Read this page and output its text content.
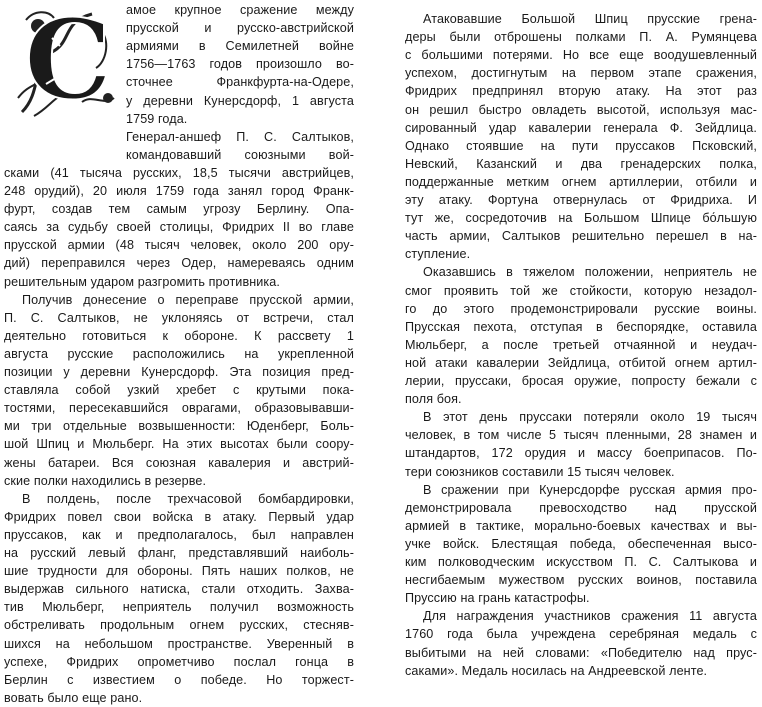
С амое крупное сражение между
прусской и русско-австрийской
армиями в Семилетней войне
1756—1763 годов произошло во-
сточнее Франкфурта-на-Одере,
у деревни Кунерсдорф, 1 августа
1759 года.
Генерал-аншеф П. С. Салтыков,
командовавший союзными вой-
сками (41 тысяча русских, 18,5 тысячи австрийцев,
248 орудий), 20 июля 1759 года занял город Франк-
фурт, создав тем самым угрозу Берлину. Опа-
саясь за судьбу своей столицы, Фридрих II во главе
прусской армии (48 тысяч человек, около 200 ору-
дий) переправился через Одер, намереваясь одним
решительным ударом разгромить противника.
Получив донесение о переправе прусской армии,
П. С. Салтыков, не уклоняясь от встречи, стал
деятельно готовиться к обороне. К рассвету 1
августа русские расположились на укрепленной
позиции у деревни Кунерсдорф. Эта позиция пред-
ставляла собой узкий хребет с крутыми пока-
тостями, пересекавшийся оврагами, образовывавши-
ми три отдельные возвышенности: Юденберг, Боль-
шой Шпиц и Мюльберг. На этих высотах были соору-
жены батареи. Вся союзная кавалерия и австрий-
ские полки находились в резерве.
В полдень, после трехчасовой бомбардировки,
Фридрих повел свои войска в атаку. Первый удар
пруссаков, как и предполагалось, был направлен
на русский левый фланг, представлявший наиболь-
шие трудности для обороны. Пять наших полков, не
выдержав сильного натиска, стали отходить. Захва-
тив Мюльберг, неприятель получил возможность
обстреливать продольным огнем русских, стесняв-
шихся на небольшом пространстве. Уверенный в
успехе, Фридрих опрометчиво послал гонца в
Берлин с известием о победе. Но торжест-
вовать было еще рано.
Атаковавшие Большой Шпиц прусские грена-
деры были отброшены полками П. А. Румянцева
с большими потерями. Но все еще воодушевленный
успехом, достигнутым на первом этапе сражения,
Фридрих предпринял вторую атаку. На этот раз
он решил быстро овладеть высотой, используя мас-
сированный удар кавалерии генерала Ф. Зейдлица.
Однако стоявшие на пути пруссаков Псковский,
Невский, Казанский и два гренадерских полка,
поддержанные метким огнем артиллерии, отбили и
эту атаку. Фортуна отвернулась от Фридриха. И
тут же, сосредоточив на Большом Шпице бо́льшую
часть армии, Салтыков решительно перешел в на-
ступление.
Оказавшись в тяжелом положении, неприятель не
смог проявить той же стойкости, которую незадол-
го до этого продемонстрировали русские воины.
Прусская пехота, отступая в беспорядке, оставила
Мюльберг, а после третьей отчаянной и неудач-
ной атаки кавалерии Зейдлица, отбитой огнем артил-
лерии, пруссаки, бросая оружие, попросту бежали с
поля боя.
В этот день пруссаки потеряли около 19 тысяч
человек, в том числе 5 тысяч пленными, 28 знамен и
штандартов, 172 орудия и массу боеприпасов. По-
тери союзников составили 15 тысяч человек.
В сражении при Кунерсдорфе русская армия про-
демонстрировала превосходство над прусской
армией в тактике, морально-боевых качествах и вы-
учке войск. Блестящая победа, обеспеченная высо-
ким полководческим искусством П. С. Салтыкова и
несгибаемым мужеством русских воинов, поставила
Пруссию на грань катастрофы.
Для награждения участников сражения 11 августа
1760 года была учреждена серебряная медаль с
выбитыми на ней словами: «Победителю над прус-
саками». Медаль носилась на Андреевской ленте.
